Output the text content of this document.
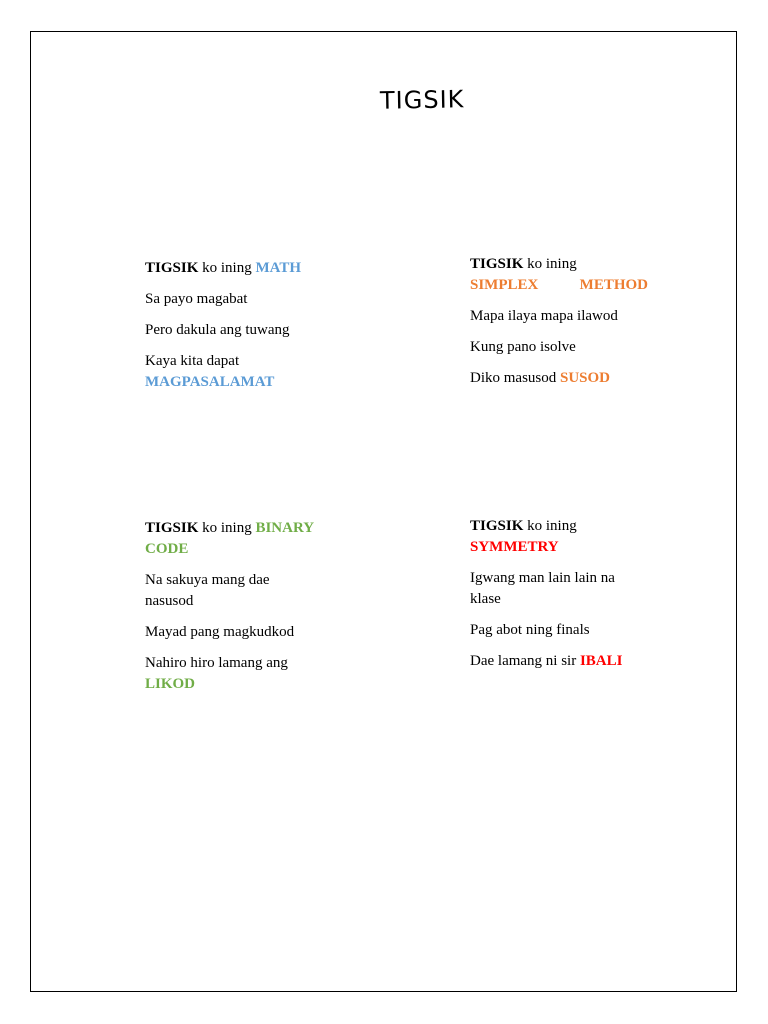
TIGSIK

TIGSIK ko ining MATH

Sa payo magabat

Pero dakula ang tuwang

Kaya kita dapat
MAGPASALAMAT

TIGSIK ko ining

SIMPLEX	METHOD

Mapa ilaya mapa ilawod

Kung pano isolve

Diko masusod SUSOD

TIGSIK ko ining BINARY
CODE

Na sakuya mang dae
nasusod

Mayad pang magkudkod

Nahiro hiro lamang ang
LIKOD

TIGSIK ko ining
SYMMETRY

Igwang man lain lain na
klase

Pag abot ning finals

Dae lamang ni sir IBALI
